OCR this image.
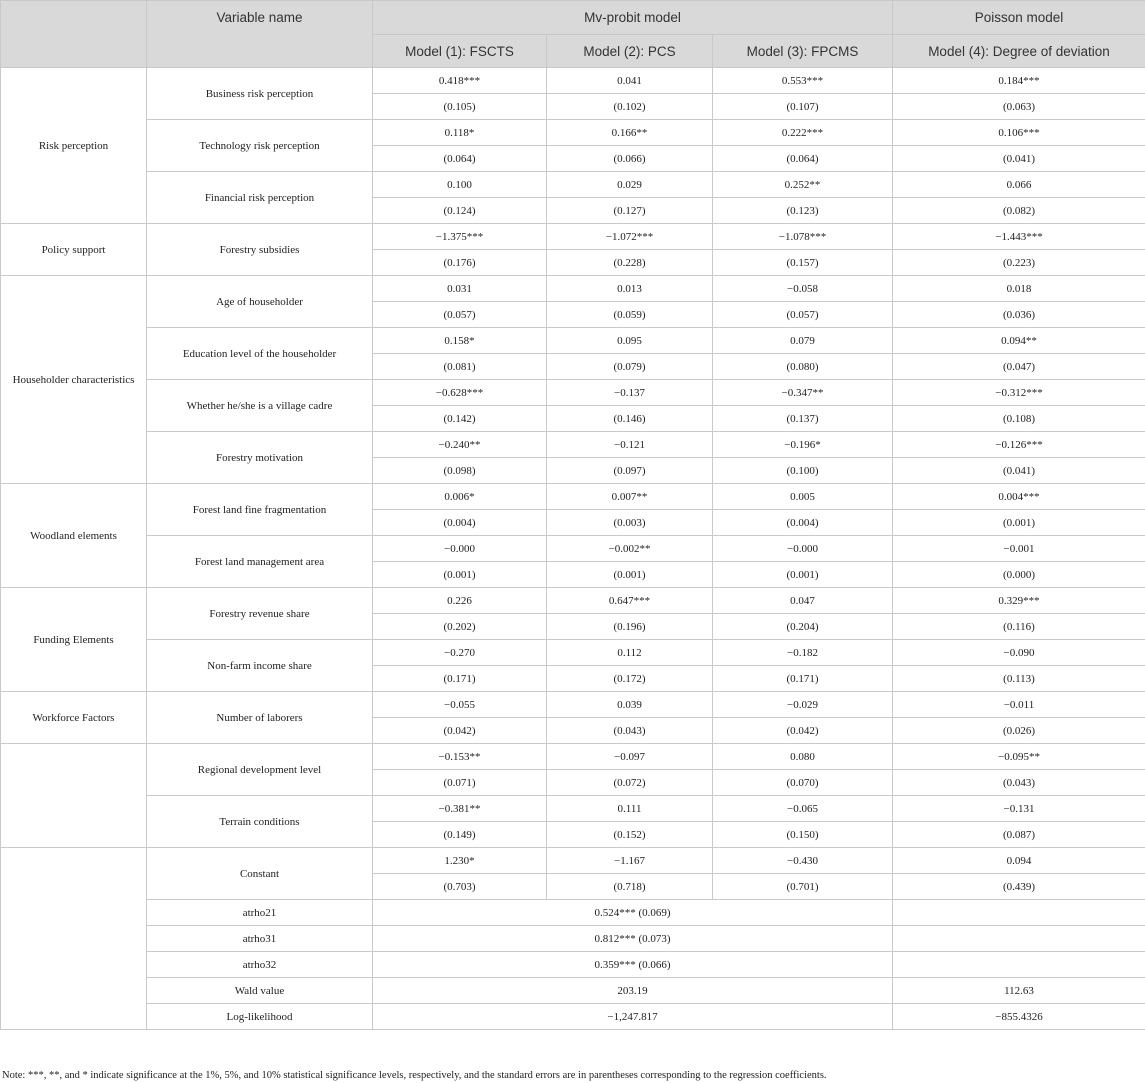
	Variable name	Mv-probit model			Poisson model
		Model (1): FSCTS	Model (2): PCS	Model (3): FPCMS	Model (4): Degree of deviation
Risk perception	Business risk perception	0.418***	0.041	0.553***	0.184***
		(0.105)	(0.102)	(0.107)	(0.063)
	Technology risk perception	0.118*	0.166**	0.222***	0.106***
		(0.064)	(0.066)	(0.064)	(0.041)
	Financial risk perception	0.100	0.029	0.252**	0.066
		(0.124)	(0.127)	(0.123)	(0.082)
Policy support	Forestry subsidies	−1.375***	−1.072***	−1.078***	−1.443***
		(0.176)	(0.228)	(0.157)	(0.223)
Householder characteristics	Age of householder	0.031	0.013	−0.058	0.018
		(0.057)	(0.059)	(0.057)	(0.036)
	Education level of the householder	0.158*	0.095	0.079	0.094**
		(0.081)	(0.079)	(0.080)	(0.047)
	Whether he/she is a village cadre	−0.628***	−0.137	−0.347**	−0.312***
		(0.142)	(0.146)	(0.137)	(0.108)
	Forestry motivation	−0.240**	−0.121	−0.196*	−0.126***
		(0.098)	(0.097)	(0.100)	(0.041)
Woodland elements	Forest land fine fragmentation	0.006*	0.007**	0.005	0.004***
		(0.004)	(0.003)	(0.004)	(0.001)
	Forest land management area	−0.000	−0.002**	−0.000	−0.001
		(0.001)	(0.001)	(0.001)	(0.000)
Funding Elements	Forestry revenue share	0.226	0.647***	0.047	0.329***
		(0.202)	(0.196)	(0.204)	(0.116)
	Non-farm income share	−0.270	0.112	−0.182	−0.090
		(0.171)	(0.172)	(0.171)	(0.113)
Workforce Factors	Number of laborers	−0.055	0.039	−0.029	−0.011
		(0.042)	(0.043)	(0.042)	(0.026)
	Regional development level	−0.153**	−0.097	0.080	−0.095**
		(0.071)	(0.072)	(0.070)	(0.043)
	Terrain conditions	−0.381**	0.111	−0.065	−0.131
		(0.149)	(0.152)	(0.150)	(0.087)
	Constant	1.230*	−1.167	−0.430	0.094
		(0.703)	(0.718)	(0.701)	(0.439)
	atrho21	0.524*** (0.069)			
	atrho31	0.812*** (0.073)			
	atrho32	0.359*** (0.066)			
	Wald value	203.19			112.63
	Log-likelihood	−1,247.817			−855.4326
Note: ***, **, and * indicate significance at the 1%, 5%, and 10% statistical significance levels, respectively, and the standard errors are in parentheses corresponding to the regression coefficients.
